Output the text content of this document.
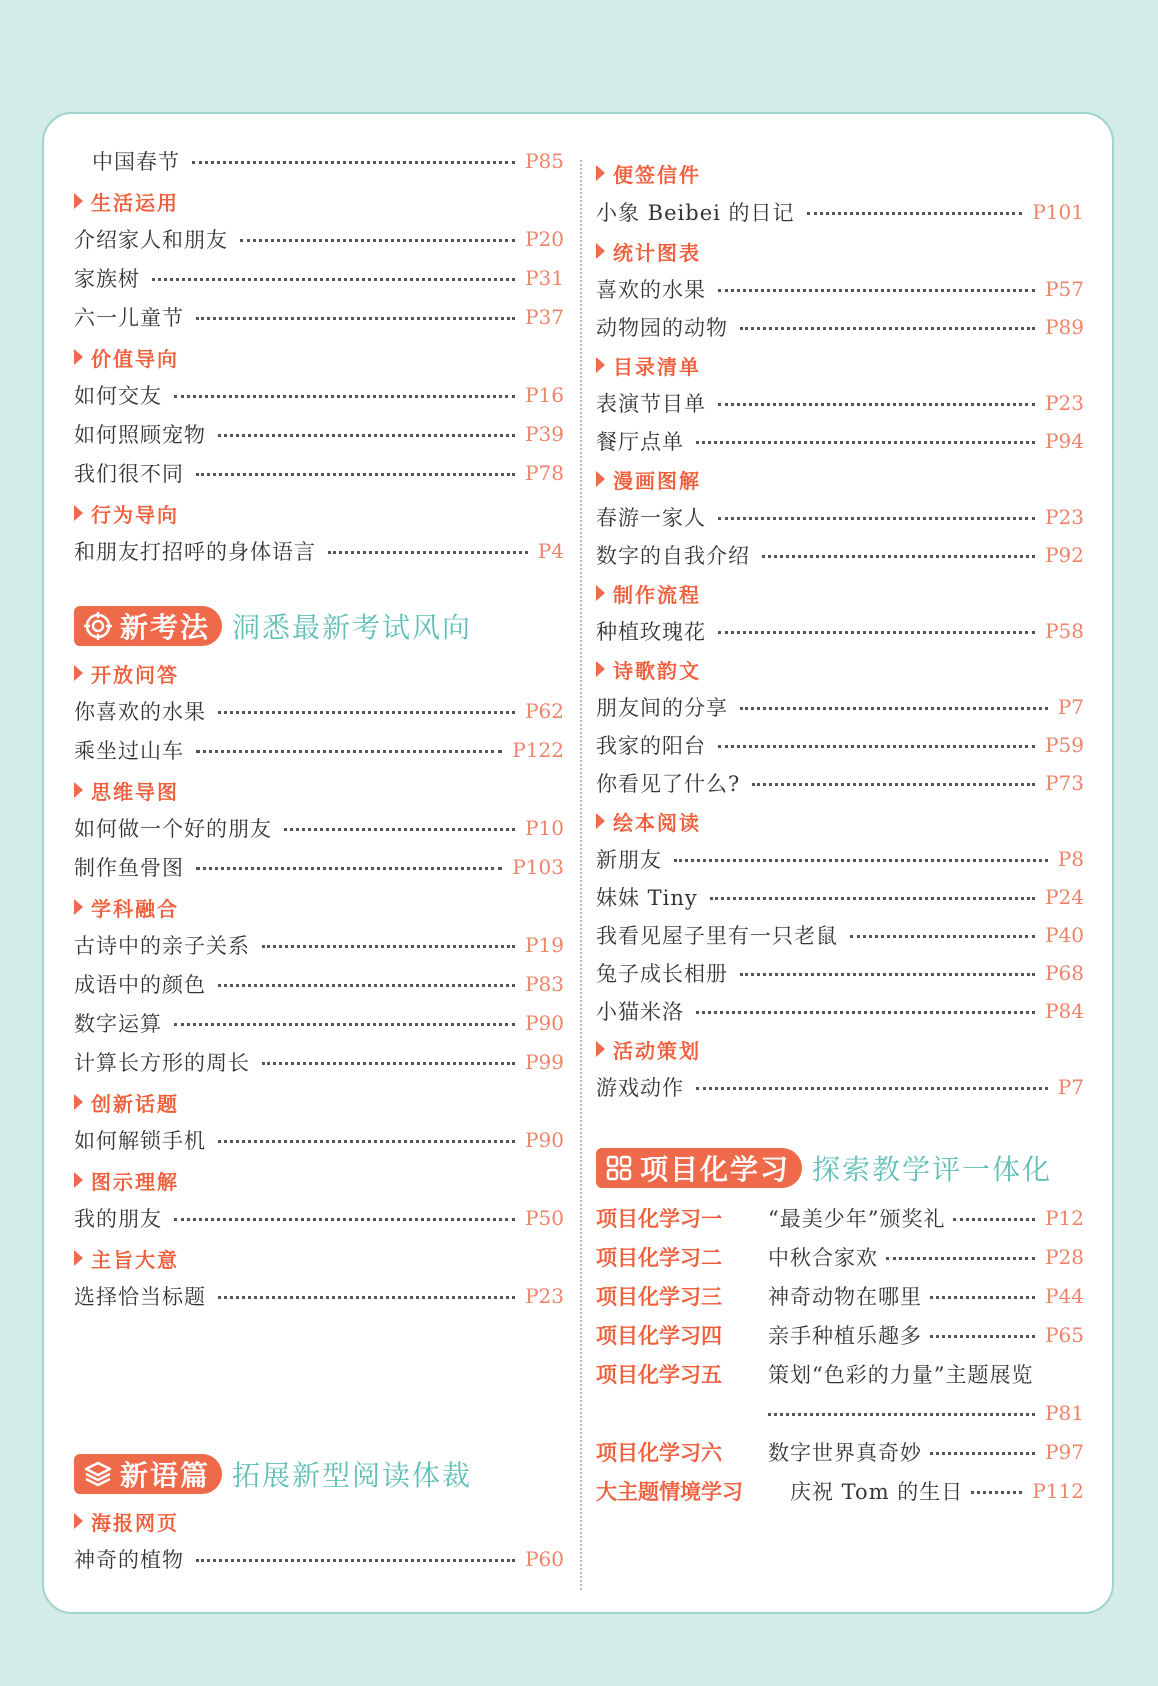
中国春节	P85
生活运用
介绍家人和朋友	P20
家族树	P31
六一儿童节	P37
价值导向
如何交友	P16
如何照顾宠物	P39
我们很不同	P78
行为导向
和朋友打招呼的身体语言	P4
新考法 洞悉最新考试风向
开放问答
你喜欢的水果	P62
乘坐过山车	P122
思维导图
如何做一个好的朋友	P10
制作鱼骨图	P103
学科融合
古诗中的亲子关系	P19
成语中的颜色	P83
数字运算	P90
计算长方形的周长	P99
创新话题
如何解锁手机	P90
图示理解
我的朋友	P50
主旨大意
选择恰当标题	P23
新语篇 拓展新型阅读体裁
海报网页
神奇的植物	P60
便签信件
小象 Beibei 的日记	P101
统计图表
喜欢的水果	P57
动物园的动物	P89
目录清单
表演节目单	P23
餐厅点单	P94
漫画图解
春游一家人	P23
数字的自我介绍	P92
制作流程
种植玫瑰花	P58
诗歌韵文
朋友间的分享	P7
我家的阳台	P59
你看见了什么?	P73
绘本阅读
新朋友	P8
妹妹 Tiny	P24
我看见屋子里有一只老鼠	P40
兔子成长相册	P68
小猫米洛	P84
活动策划
游戏动作	P7
项目化学习 探索教学评一体化
项目化学习一	“最美少年”颁奖礼	P12
项目化学习二	中秋合家欢	P28
项目化学习三	神奇动物在哪里	P44
项目化学习四	亲手种植乐趣多	P65
项目化学习五	策划“色彩的力量”主题展览
P81
项目化学习六	数字世界真奇妙	P97
大主题情境学习	庆祝 Tom 的生日	P112
